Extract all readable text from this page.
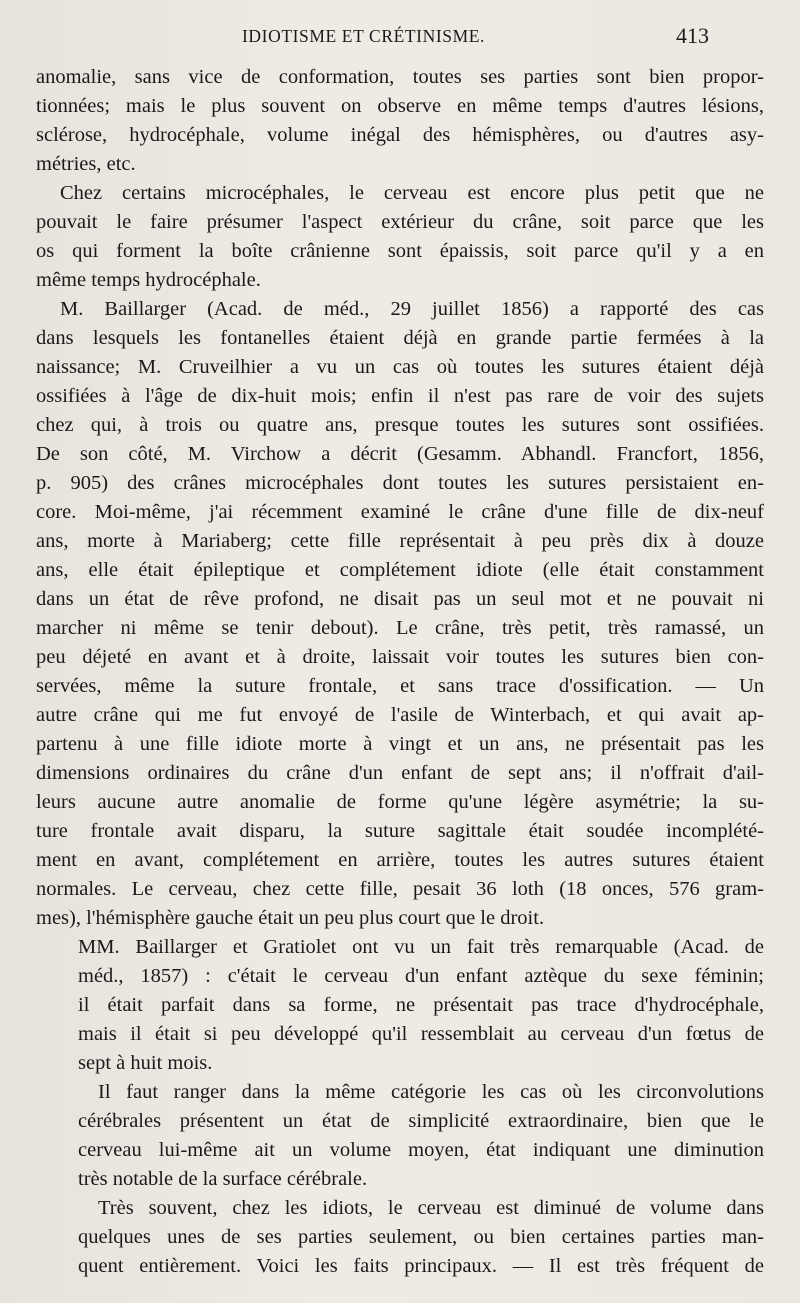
IDIOTISME ET CRÉTINISME.	413
anomalie, sans vice de conformation, toutes ses parties sont bien propor-
tionnées; mais le plus souvent on observe en même temps d'autres lésions,
sclérose, hydrocéphale, volume inégal des hémisphères, ou d'autres asy-
métries, etc.
Chez certains microcéphales, le cerveau est encore plus petit que ne
pouvait le faire présumer l'aspect extérieur du crâne, soit parce que les
os qui forment la boîte crânienne sont épaissis, soit parce qu'il y a en
même temps hydrocéphale.
M. Baillarger (Acad. de méd., 29 juillet 1856) a rapporté des cas
dans lesquels les fontanelles étaient déjà en grande partie fermées à la
naissance; M. Cruveilhier a vu un cas où toutes les sutures étaient déjà
ossifiées à l'âge de dix-huit mois; enfin il n'est pas rare de voir des sujets
chez qui, à trois ou quatre ans, presque toutes les sutures sont ossifiées.
De son côté, M. Virchow a décrit (Gesamm. Abhandl. Francfort, 1856,
p. 905) des crânes microcéphales dont toutes les sutures persistaient en-
core. Moi-même, j'ai récemment examiné le crâne d'une fille de dix-neuf
ans, morte à Mariaberg; cette fille représentait à peu près dix à douze
ans, elle était épileptique et complétement idiote (elle était constamment
dans un état de rêve profond, ne disait pas un seul mot et ne pouvait ni
marcher ni même se tenir debout). Le crâne, très petit, très ramassé, un
peu déjeté en avant et à droite, laissait voir toutes les sutures bien con-
servées, même la suture frontale, et sans trace d'ossification. — Un
autre crâne qui me fut envoyé de l'asile de Winterbach, et qui avait ap-
partenu à une fille idiote morte à vingt et un ans, ne présentait pas les
dimensions ordinaires du crâne d'un enfant de sept ans; il n'offrait d'ail-
leurs aucune autre anomalie de forme qu'une légère asymétrie; la su-
ture frontale avait disparu, la suture sagittale était soudée incomplété-
ment en avant, complétement en arrière, toutes les autres sutures étaient
normales. Le cerveau, chez cette fille, pesait 36 loth (18 onces, 576 gram-
mes), l'hémisphère gauche était un peu plus court que le droit.
MM. Baillarger et Gratiolet ont vu un fait très remarquable (Acad. de
méd., 1857) : c'était le cerveau d'un enfant aztèque du sexe féminin;
il était parfait dans sa forme, ne présentait pas trace d'hydrocéphale,
mais il était si peu développé qu'il ressemblait au cerveau d'un fœtus de
sept à huit mois.
Il faut ranger dans la même catégorie les cas où les circonvolutions
cérébrales présentent un état de simplicité extraordinaire, bien que le
cerveau lui-même ait un volume moyen, état indiquant une diminution
très notable de la surface cérébrale.
Très souvent, chez les idiots, le cerveau est diminué de volume dans
quelques unes de ses parties seulement, ou bien certaines parties man-
quent entièrement. Voici les faits principaux. — Il est très fréquent de
